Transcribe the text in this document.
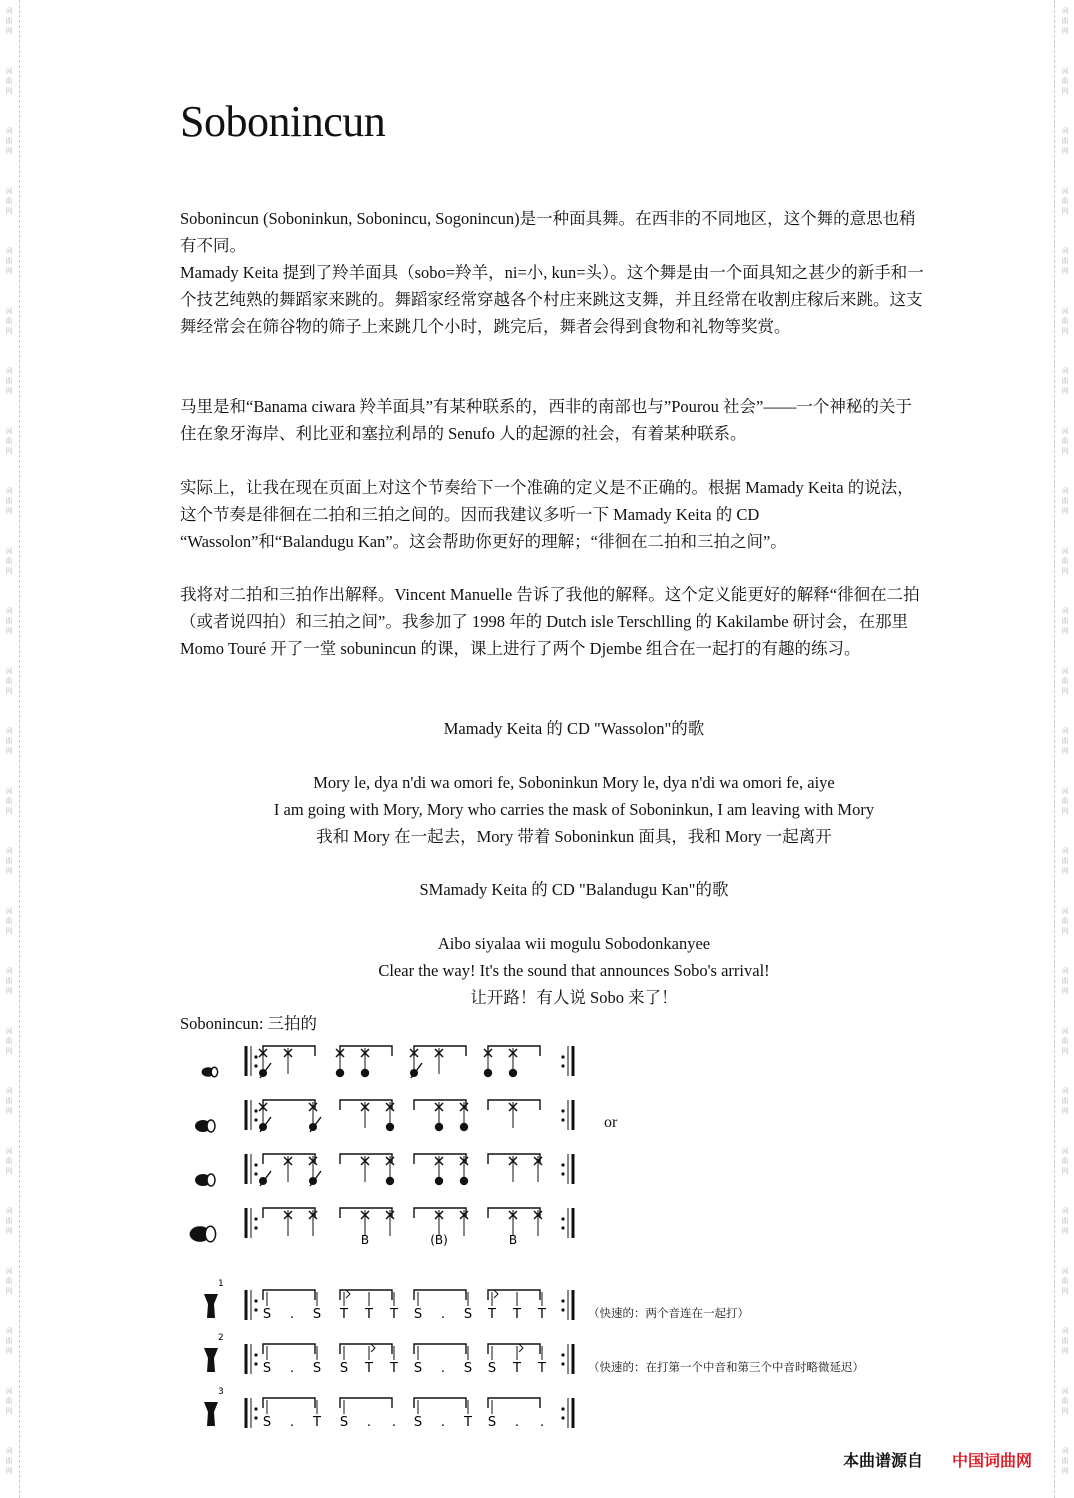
词
曲
网
词
曲
网
词
曲
网
词
曲
网
词
曲
网
词
曲
网
词
曲
网
词
曲
网
词
曲
网
词
曲
网
词
曲
网
词
曲
网
词
曲
网
词
曲
网
词
曲
网
词
曲
网
词
曲
网
词
曲
网
词
曲
网
词
曲
网
词
曲
网
词
曲
网
词
曲
网
词
曲
网
词
曲
网
词
曲
网
词
曲
网
词
曲
网
词
曲
网
词
曲
网
词
曲
网
词
曲
网
词
曲
网
词
曲
网
词
曲
网
词
曲
网
词
曲
网
词
曲
网
词
曲
网
词
曲
网
词
曲
网
词
曲
网
词
曲
网
词
曲
网
词
曲
网
词
曲
网
词
曲
网
词
曲
网
词
曲
网
词
曲
网
Sobonincun

Sobonincun (Soboninkun, Sobonincu, Sogonincun)是一种面具舞。在西非的不同地区，这个舞的意思也稍有不同。

Mamady Keita 提到了羚羊面具（sobo=羚羊，ni=小, kun=头）。这个舞是由一个面具知之甚少的新手和一个技艺纯熟的舞蹈家来跳的。舞蹈家经常穿越各个村庄来跳这支舞，并且经常在收割庄稼后来跳。这支舞经常会在筛谷物的筛子上来跳几个小时，跳完后，舞者会得到食物和礼物等奖赏。

马里是和“Banama ciwara 羚羊面具”有某种联系的，西非的南部也与”Pourou 社会”——一个神秘的关于住在象牙海岸、利比亚和塞拉利昂的 Senufo 人的起源的社会，有着某种联系。

实际上，让我在现在页面上对这个节奏给下一个准确的定义是不正确的。根据 Mamady Keita 的说法，这个节奏是徘徊在二拍和三拍之间的。因而我建议多听一下 Mamady Keita 的 CD “Wassolon”和“Balandugu Kan”。这会帮助你更好的理解；“徘徊在二拍和三拍之间”。

我将对二拍和三拍作出解释。Vincent Manuelle 告诉了我他的解释。这个定义能更好的解释“徘徊在二拍（或者说四拍）和三拍之间”。我参加了 1998 年的 Dutch isle Terschlling 的 Kakilambe 研讨会，在那里 Momo Touré 开了一堂 sobunincun 的课，课上进行了两个 Djembe 组合在一起打的有趣的练习。

Mamady Keita 的 CD "Wassolon"的歌
Mory le, dya n'di wa omori fe, Soboninkun Mory le, dya n'di wa omori fe, aiye
I am going with Mory, Mory who carries the mask of Soboninkun, I am leaving with Mory
我和 Mory 在一起去，Mory 带着 Soboninkun 面具，我和 Mory 一起离开
SMamady Keita 的 CD "Balandugu Kan"的歌
Aibo siyalaa wii mogulu Sobodonkanyee
Clear the way! It's the sound that announces Sobo's arrival!
让开路！有人说 Sobo 来了！
Sobonincun: 三拍的
or
B	(B)	B
1
S . S T T T S . S T T T
2
S . S S T T S . S S T T
3
S . T S . . S . T S . .
（快速的：两个音连在一起打）
（快速的：在打第一个中音和第三个中音时略微延迟）
本曲谱源自 中国词曲网
